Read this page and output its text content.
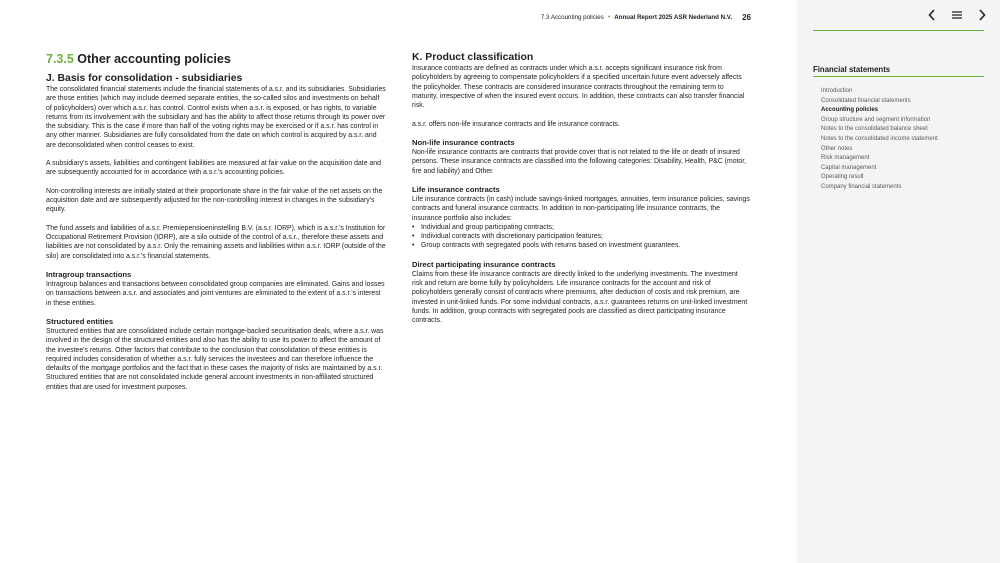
7.3 Accounting policies • Annual Report 2025 ASR Nederland N.V. 26
7.3.5 Other accounting policies
J. Basis for consolidation - subsidiaries

The consolidated financial statements include the financial statements of a.s.r. and its subsidiaries. Subsidiaries are those entities (which may include deemed separate entities, the so-called silos and investments on behalf of policyholders) over which a.s.r. has control. Control exists when a.s.r. is exposed, or has rights, to variable returns from its involvement with the subsidiary and has the ability to affect those returns through its power over the subsidiary. This is the case if more than half of the voting rights may be exercised or if a.s.r. has control in any other manner. Subsidiaries are fully consolidated from the date on which control is acquired by a.s.r. and are deconsolidated when control ceases to exist.

A subsidiary's assets, liabilities and contingent liabilities are measured at fair value on the acquisition date and are subsequently accounted for in accordance with a.s.r.'s accounting policies.

Non-controlling interests are initially stated at their proportionate share in the fair value of the net assets on the acquisition date and are subsequently adjusted for the non-controlling interest in changes in the subsidiary's equity.

The fund assets and liabilities of a.s.r. Premiepensioeninstelling B.V. (a.s.r. IORP), which is a.s.r.'s Institution for Occupational Retirement Provision (IORP), are a silo outside of the control of a.s.r., therefore these assets and liabilities are not consolidated by a.s.r. Only the remaining assets and liabilities within a.s.r. IORP (outside of the silo) are consolidated into a.s.r.'s financial statements.

Intragroup transactions

Intragroup balances and transactions between consolidated group companies are eliminated. Gains and losses on transactions between a.s.r. and associates and joint ventures are eliminated to the extent of a.s.r.'s interest in these entities.

Structured entities

Structured entities that are consolidated include certain mortgage-backed securitisation deals, where a.s.r. was involved in the design of the structured entities and also has the ability to use its power to affect the amount of the investee's returns. Other factors that contribute to the conclusion that consolidation of these entities is required includes consideration of whether a.s.r. fully services the investees and can therefore influence the defaults of the mortgage portfolios and the fact that in these cases the majority of risks are maintained by a.s.r. Structured entities that are not consolidated include general account investments in non-affiliated structured entities that are used for investment purposes.

K. Product classification

Insurance contracts are defined as contracts under which a.s.r. accepts significant insurance risk from policyholders by agreeing to compensate policyholders if a specified uncertain future event adversely affects the policyholder. These contracts are considered insurance contracts throughout the remaining term to maturity, irrespective of when the insured event occurs. In addition, these contracts can also transfer financial risk.

a.s.r. offers non-life insurance contracts and life insurance contracts.

Non-life insurance contracts

Non-life insurance contracts are contracts that provide cover that is not related to the life or death of insured persons. These insurance contracts are classified into the following categories: Disability, Health, P&C (motor, fire and liability) and Other.

Life insurance contracts

Life insurance contracts (in cash) include savings-linked mortgages, annuities, term insurance policies, savings contracts and funeral insurance contracts. In addition to non-participating life insurance contracts, the insurance portfolio also includes:

• Individual and group participating contracts;
• Individual contracts with discretionary participation features;
• Group contracts with segregated pools with returns based on investment guarantees.
Direct participating insurance contracts

Claims from these life insurance contracts are directly linked to the underlying investments. The investment risk and return are borne fully by policyholders. Life insurance contracts for the account and risk of policyholders generally consist of contracts where premiums, after deduction of costs and risk premium, are invested in unit-linked funds. For some individual contracts, a.s.r. guarantees returns on unit-linked investment funds. In addition, group contracts with segregated pools are classified as direct participating insurance contracts.

Financial statements
Introduction
Consolidated financial statements
Accounting policies
Group structure and segment information
Notes to the consolidated balance sheet
Notes to the consolidated income statement
Other notes
Risk management
Capital management
Operating result
Company financial statements
